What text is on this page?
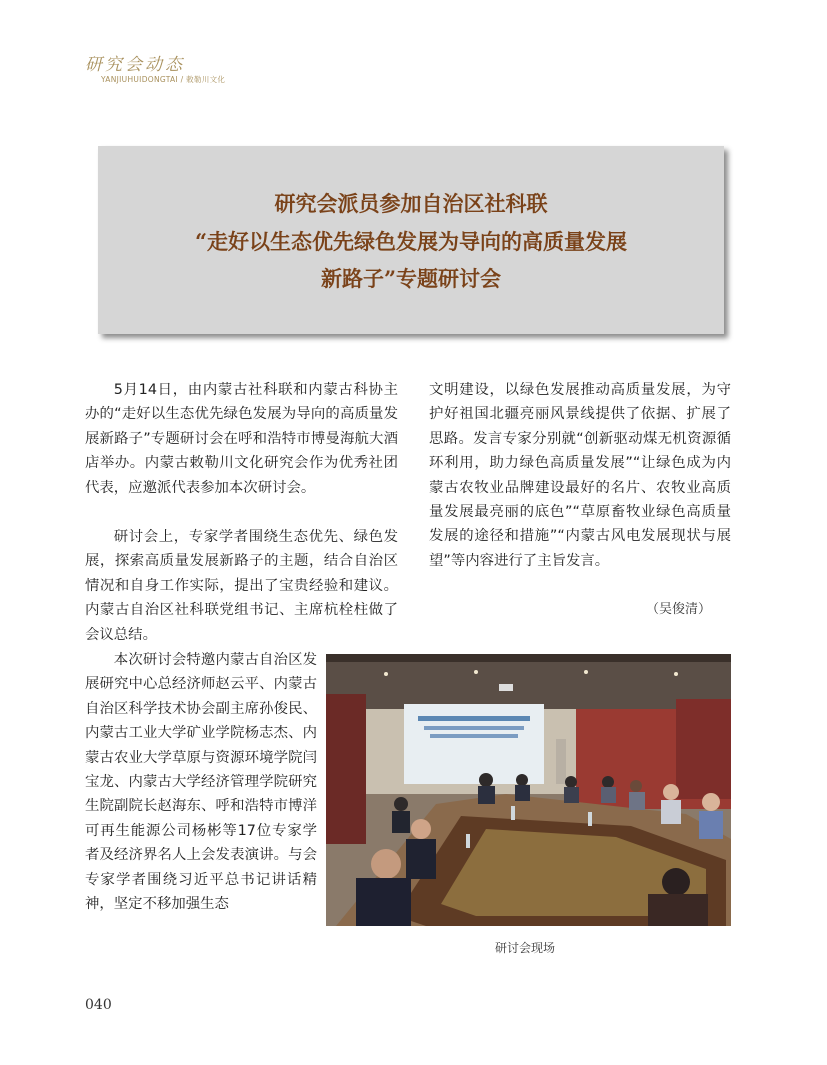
研究会动态
YANJIUHUIDONGTAI / 敕勒川文化
研究会派员参加自治区社科联
“走好以生态优先绿色发展为导向的高质量发展
新路子”专题研讨会

5月14日，由内蒙古社科联和内蒙古科协主办的“走好以生态优先绿色发展为导向的高质量发展新路子”专题研讨会在呼和浩特市博曼海航大酒店举办。内蒙古敕勒川文化研究会作为优秀社团代表，应邀派代表参加本次研讨会。

研讨会上，专家学者围绕生态优先、绿色发展，探索高质量发展新路子的主题，结合自治区情况和自身工作实际，提出了宝贵经验和建议。内蒙古自治区社科联党组书记、主席杭栓柱做了会议总结。

本次研讨会特邀内蒙古自治区发展研究中心总经济师赵云平、内蒙古自治区科学技术协会副主席孙俊民、内蒙古工业大学矿业学院杨志杰、内蒙古农业大学草原与资源环境学院闫宝龙、内蒙古大学经济管理学院研究生院副院长赵海东、呼和浩特市博洋可再生能源公司杨彬等17位专家学者及经济界名人上会发表演讲。与会专家学者围绕习近平总书记讲话精神，坚定不移加强生态

文明建设，以绿色发展推动高质量发展，为守护好祖国北疆亮丽风景线提供了依据、扩展了思路。发言专家分别就“创新驱动煤无机资源循环利用，助力绿色高质量发展”“让绿色成为内蒙古农牧业品牌建设最好的名片、农牧业高质量发展最亮丽的底色”“草原畜牧业绿色高质量发展的途径和措施”“内蒙古风电发展现状与展望”等内容进行了主旨发言。

（吴俊清）
研讨会现场
040
